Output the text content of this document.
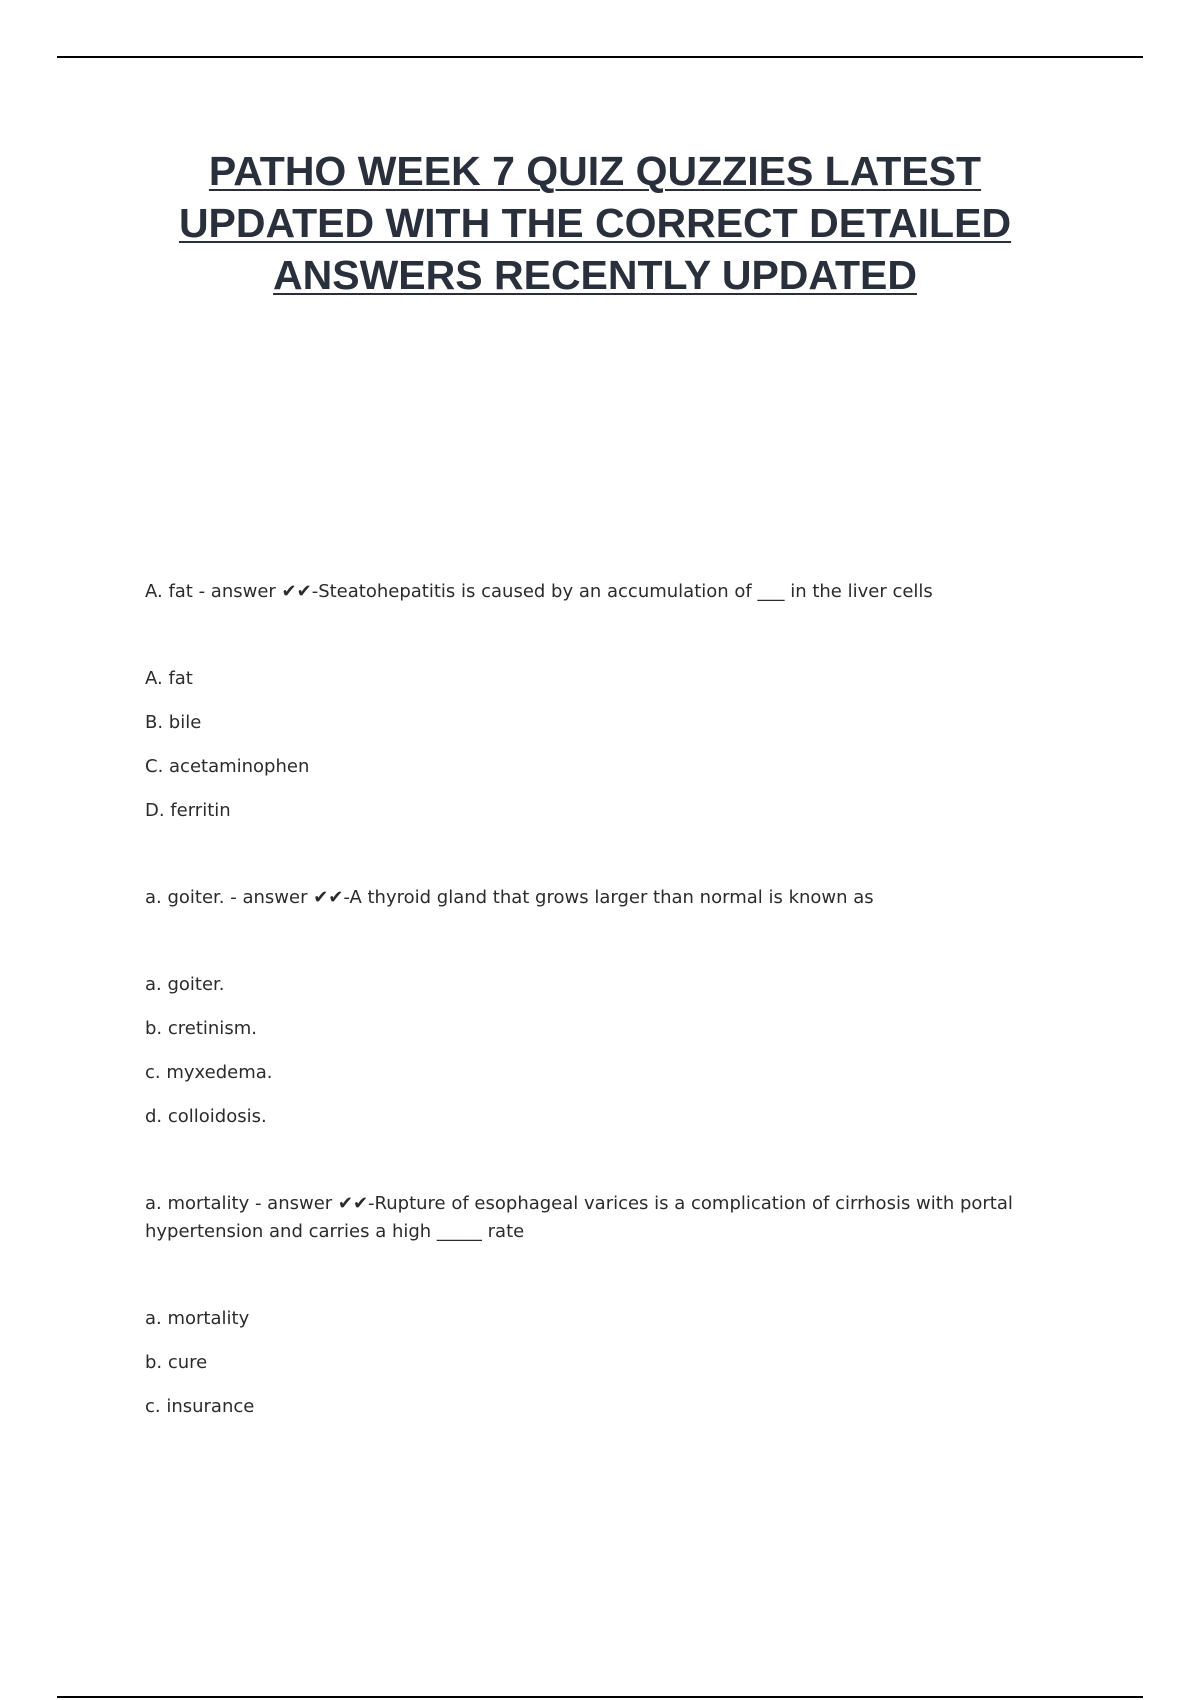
PATHO WEEK 7 QUIZ QUZZIES LATEST UPDATED WITH THE CORRECT DETAILED ANSWERS RECENTLY UPDATED

A. fat - answer ✔✔-Steatohepatitis is caused by an accumulation of ___ in the liver cells

A. fat
B. bile
C. acetaminophen
D. ferritin

a. goiter. - answer ✔✔-A thyroid gland that grows larger than normal is known as

a. goiter.
b. cretinism.
c. myxedema.
d. colloidosis.

a. mortality - answer ✔✔-Rupture of esophageal varices is a complication of cirrhosis with portal hypertension and carries a high _____ rate

a. mortality
b. cure
c. insurance
